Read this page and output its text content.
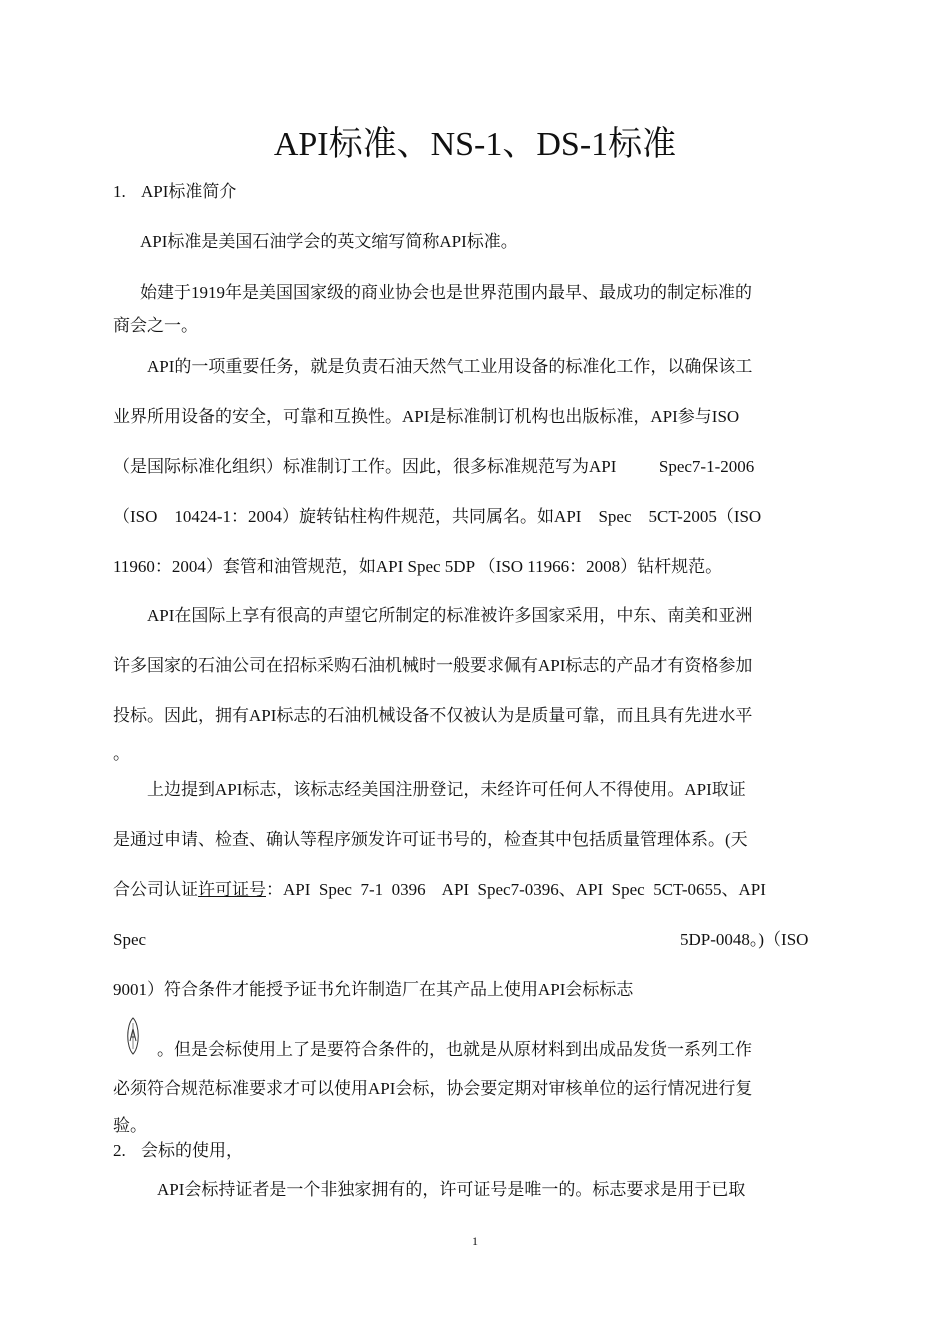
API标准、NS-1、DS-1标准
1. API标准简介
API标准是美国石油学会的英文缩写简称API标准。
始建于1919年是美国国家级的商业协会也是世界范围内最早、最成功的制定标准的
商会之一。
API的一项重要任务，就是负责石油天然气工业用设备的标准化工作，以确保该工
业界所用设备的安全，可靠和互换性。API是标准制订机构也出版标准，API参与ISO
（是国际标准化组织）标准制订工作。因此，很多标准规范写为API          Spec7-1-2006
（ISO    10424-1：2004）旋转钻柱构件规范，共同属名。如API    Spec    5CT-2005（ISO
11960：2004）套管和油管规范，如API Spec 5DP （ISO 11966：2008）钻杆规范。
API在国际上享有很高的声望它所制定的标准被许多国家采用，中东、南美和亚洲
许多国家的石油公司在招标采购石油机械时一般要求佩有API标志的产品才有资格参加
投标。因此，拥有API标志的石油机械设备不仅被认为是质量可靠，而且具有先进水平
。
上边提到API标志，该标志经美国注册登记，未经许可任何人不得使用。API取证
是通过申请、检查、确认等程序颁发许可证书号的，检查其中包括质量管理体系。(天
合公司认证许可证号：API  Spec  7-1  0396    API  Spec7-0396、API  Spec  5CT-0655、API
Spec	5DP-0048。)（ISO
9001）符合条件才能授予证书允许制造厂在其产品上使用API会标标志
。但是会标使用上了是要符合条件的，也就是从原材料到出成品发货一系列工作
必须符合规范标准要求才可以使用API会标，协会要定期对审核单位的运行情况进行复
验。
2. 会标的使用，
API会标持证者是一个非独家拥有的，许可证号是唯一的。标志要求是用于已取
1
